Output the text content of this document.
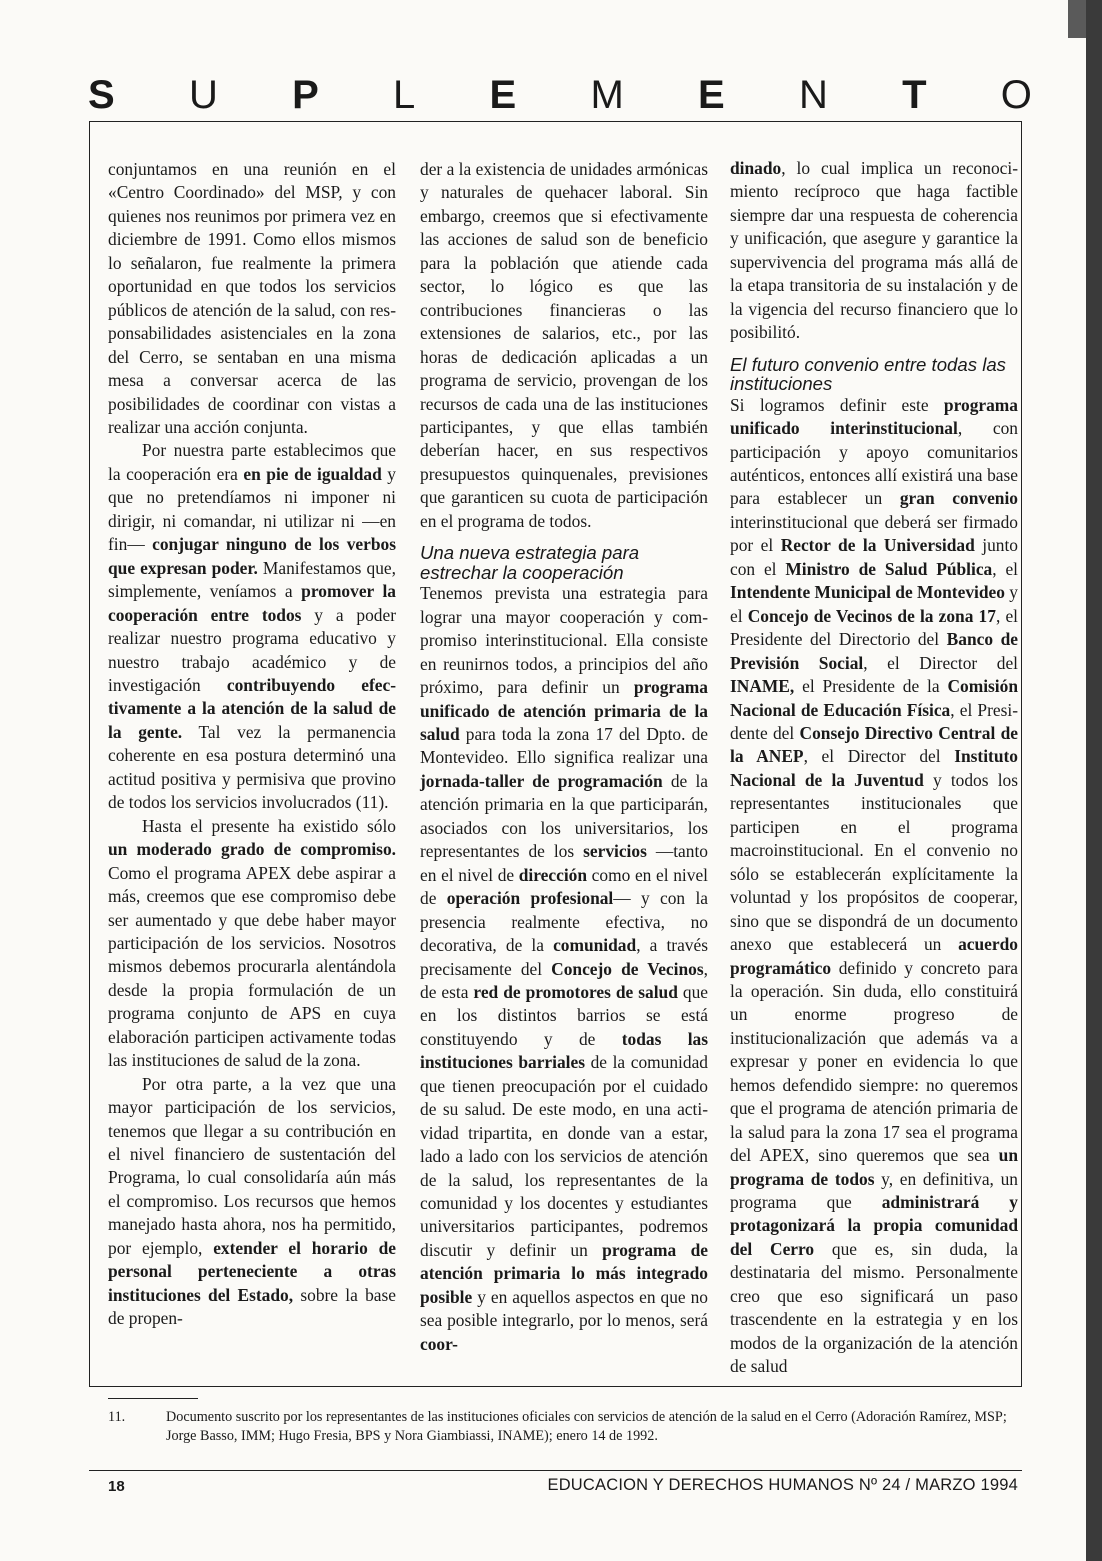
S U P L E M E N T O

conjuntamos en una reunión en el «Centro Coordinado» del MSP, y con quienes nos reunimos por primera vez en diciembre de 1991. Como ellos mismos lo señalaron, fue realmente la primera oportunidad en que todos los servicios públicos de atención de la salud, con responsabilidades asistenciales en la zona del Cerro, se sentaban en una misma mesa a conversar acerca de las posibilidades de coordinar con vistas a realizar una acción conjunta.

Por nuestra parte establecimos que la cooperación era en pie de igualdad y que no pretendíamos ni imponer ni dirigir, ni comandar, ni utilizar ni —en fin— conjugar ninguno de los verbos que expresan poder. Manifestamos que, simplemente, veníamos a promover la cooperación entre todos y a poder realizar nuestro programa educativo y nuestro trabajo académico y de investigación contribuyendo efectivamente a la atención de la salud de la gente. Tal vez la permanencia coherente en esa postura determinó una actitud positiva y permisiva que provino de todos los servicios involucrados (11).

Hasta el presente ha existido sólo un moderado grado de compromiso. Como el programa APEX debe aspirar a más, creemos que ese compromiso debe ser aumentado y que debe haber mayor participación de los servicios. Nosotros mismos debemos procurarla alentándola desde la propia formulación de un programa conjunto de APS en cuya elaboración participen activamente todas las instituciones de salud de la zona.

Por otra parte, a la vez que una mayor participación de los servicios, tenemos que llegar a su contribución en el nivel financiero de sustentación del Programa, lo cual consolidaría aún más el compromiso. Los recursos que hemos manejado hasta ahora, nos ha permitido, por ejemplo, extender el horario de personal perteneciente a otras instituciones del Estado, sobre la base de propen-

der a la existencia de unidades armónicas y naturales de quehacer laboral. Sin embargo, creemos que si efectivamente las acciones de salud son de beneficio para la población que atiende cada sector, lo lógico es que las contribuciones financieras o las extensiones de salarios, etc., por las horas de dedicación aplicadas a un programa de servicio, provengan de los recursos de cada una de las instituciones participantes, y que ellas también deberían hacer, en sus respectivos presupuestos quinquenales, previsiones que garanticen su cuota de participación en el programa de todos.

Una nueva estrategia para estrechar la cooperación

Tenemos prevista una estrategia para lograr una mayor cooperación y compromiso interinstitucional. Ella consiste en reunirnos todos, a principios del año próximo, para definir un programa unificado de atención primaria de la salud para toda la zona 17 del Dpto. de Montevideo. Ello significa realizar una jornada-taller de programación de la atención primaria en la que participarán, asociados con los universitarios, los representantes de los servicios —tanto en el nivel de dirección como en el nivel de operación profesional— y con la presencia realmente efectiva, no decorativa, de la comunidad, a través precisamente del Concejo de Vecinos, de esta red de promotores de salud que en los distintos barrios se está constituyendo y de todas las instituciones barriales de la comunidad que tienen preocupación por el cuidado de su salud. De este modo, en una actividad tripartita, en donde van a estar, lado a lado con los servicios de atención de la salud, los representantes de la comunidad y los docentes y estudiantes universitarios participantes, podremos discutir y definir un programa de atención primaria lo más integrado posible y en aquellos aspectos en que no sea posible integrarlo, por lo menos, será coor-

dinado, lo cual implica un reconocimiento recíproco que haga factible siempre dar una respuesta de coherencia y unificación, que asegure y garantice la supervivencia del programa más allá de la etapa transitoria de su instalación y de la vigencia del recurso financiero que lo posibilitó.

El futuro convenio entre todas las instituciones

Si logramos definir este programa unificado interinstitucional, con participación y apoyo comunitarios auténticos, entonces allí existirá una base para establecer un gran convenio interinstitucional que deberá ser firmado por el Rector de la Universidad junto con el Ministro de Salud Pública, el Intendente Municipal de Montevideo y el Concejo de Vecinos de la zona 17, el Presidente del Directorio del Banco de Previsión Social, el Director del INAME, el Presidente de la Comisión Nacional de Educación Física, el Presidente del Consejo Directivo Central de la ANEP, el Director del Instituto Nacional de la Juventud y todos los representantes institucionales que participen en el programa macroinstitucional. En el convenio no sólo se establecerán explícitamente la voluntad y los propósitos de cooperar, sino que se dispondrá de un documento anexo que establecerá un acuerdo programático definido y concreto para la operación. Sin duda, ello constituirá un enorme progreso de institucionalización que además va a expresar y poner en evidencia lo que hemos defendido siempre: no queremos que el programa de atención primaria de la salud para la zona 17 sea el programa del APEX, sino queremos que sea un programa de todos y, en definitiva, un programa que administrará y protagonizará la propia comunidad del Cerro que es, sin duda, la destinataria del mismo. Personalmente creo que eso significará un paso trascendente en la estrategia y en los modos de la organización de la atención de salud

11.	Documento suscrito por los representantes de las instituciones oficiales con servicios de atención de la salud en el Cerro (Adoración Ramírez, MSP; Jorge Basso, IMM; Hugo Fresia, BPS y Nora Giambiassi, INAME); enero 14 de 1992.
18	EDUCACION Y DERECHOS HUMANOS Nº 24 / MARZO 1994
